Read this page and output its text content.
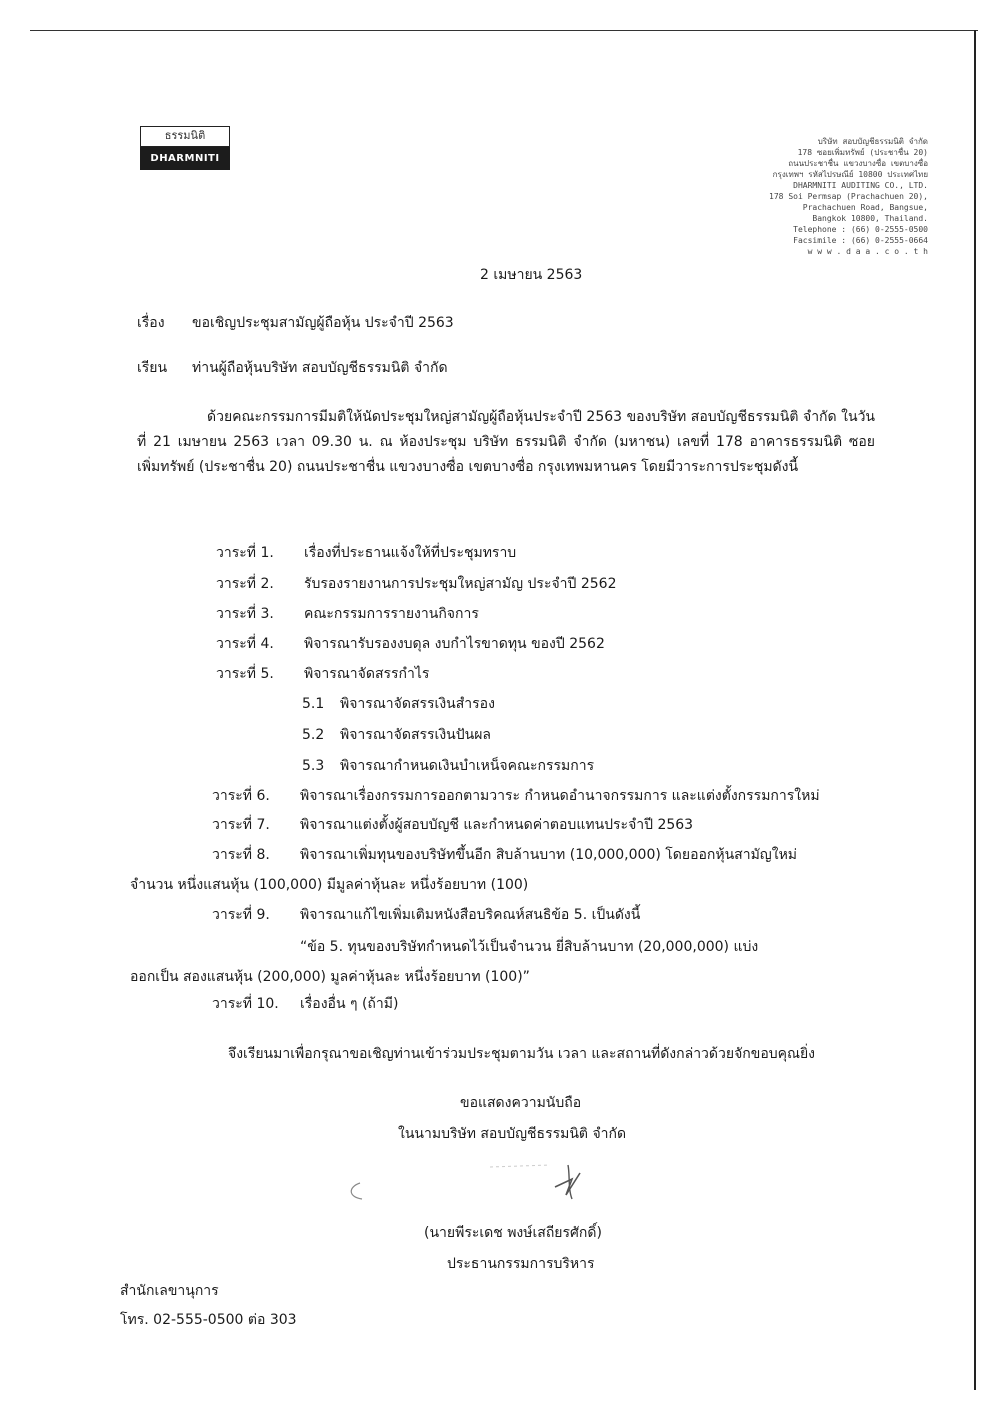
ธรรมนิติ
DHARMNITI
บริษัท สอบบัญชีธรรมนิติ จำกัด
178 ซอยเพิ่มทรัพย์ (ประชาชื่น 20)
ถนนประชาชื่น แขวงบางซื่อ เขตบางซื่อ
กรุงเทพฯ รหัสไปรษณีย์ 10800 ประเทศไทย
DHARMNITI AUDITING CO., LTD.
178 Soi Permsap (Prachachuen 20),
Prachachuen Road, Bangsue,
Bangkok 10800, Thailand.
Telephone : (66) 0-2555-0500
Facsimile : (66) 0-2555-0664
w w w . d a a . c o . t h
2 เมษายน 2563
เรื่อง ขอเชิญประชุมสามัญผู้ถือหุ้น ประจำปี 2563
เรียน ท่านผู้ถือหุ้นบริษัท สอบบัญชีธรรมนิติ จำกัด
ด้วยคณะกรรมการมีมติให้นัดประชุมใหญ่สามัญผู้ถือหุ้นประจำปี 2563 ของบริษัท สอบบัญชีธรรมนิติ จำกัด ในวันที่ 21 เมษายน 2563 เวลา 09.30 น. ณ ห้องประชุม บริษัท ธรรมนิติ จำกัด (มหาชน) เลขที่ 178 อาคารธรรมนิติ ซอยเพิ่มทรัพย์ (ประชาชื่น 20) ถนนประชาชื่น แขวงบางซื่อ เขตบางซื่อ กรุงเทพมหานคร โดยมีวาระการประชุมดังนี้
วาระที่ 1. เรื่องที่ประธานแจ้งให้ที่ประชุมทราบ
วาระที่ 2. รับรองรายงานการประชุมใหญ่สามัญ ประจำปี 2562
วาระที่ 3. คณะกรรมการรายงานกิจการ
วาระที่ 4. พิจารณารับรองงบดุล งบกำไรขาดทุน ของปี 2562
วาระที่ 5. พิจารณาจัดสรรกำไร
5.1 พิจารณาจัดสรรเงินสำรอง
5.2 พิจารณาจัดสรรเงินปันผล
5.3 พิจารณากำหนดเงินบำเหน็จคณะกรรมการ
วาระที่ 6. พิจารณาเรื่องกรรมการออกตามวาระ กำหนดอำนาจกรรมการ และแต่งตั้งกรรมการใหม่
วาระที่ 7. พิจารณาแต่งตั้งผู้สอบบัญชี และกำหนดค่าตอบแทนประจำปี 2563
วาระที่ 8. พิจารณาเพิ่มทุนของบริษัทขึ้นอีก สิบล้านบาท (10,000,000) โดยออกหุ้นสามัญใหม่
จำนวน หนึ่งแสนหุ้น (100,000) มีมูลค่าหุ้นละ หนึ่งร้อยบาท (100)
วาระที่ 9. พิจารณาแก้ไขเพิ่มเติมหนังสือบริคณห์สนธิข้อ 5. เป็นดังนี้
“ข้อ 5. ทุนของบริษัทกำหนดไว้เป็นจำนวน ยี่สิบล้านบาท (20,000,000) แบ่ง
ออกเป็น สองแสนหุ้น (200,000) มูลค่าหุ้นละ หนึ่งร้อยบาท (100)”
วาระที่ 10. เรื่องอื่น ๆ (ถ้ามี)
จึงเรียนมาเพื่อกรุณาขอเชิญท่านเข้าร่วมประชุมตามวัน เวลา และสถานที่ดังกล่าวด้วยจักขอบคุณยิ่ง
ขอแสดงความนับถือ
ในนามบริษัท สอบบัญชีธรรมนิติ จำกัด
(นายพีระเดช พงษ์เสถียรศักดิ์)
ประธานกรรมการบริหาร
สำนักเลขานุการ
โทร. 02-555-0500 ต่อ 303
